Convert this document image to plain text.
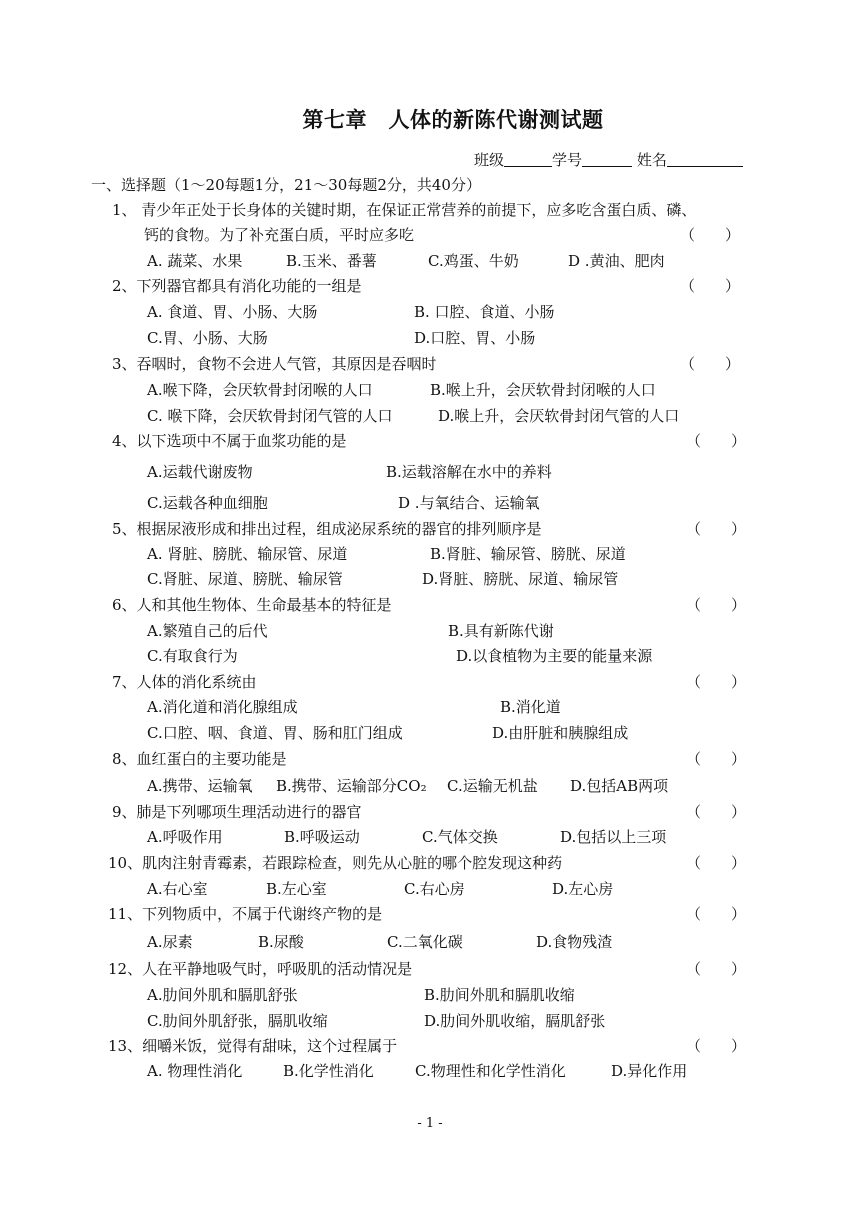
第七章　人体的新陈代谢测试题
班级	学号	姓名
一、选择题（1～20每题1分，21～30每题2分，共40分）
1、 青少年正处于长身体的关键时期，在保证正常营养的前提下，应多吃含蛋白质、磷、
钙的食物。为了补充蛋白质，平时应多吃	（　　）
A. 蔬菜、水果	B.玉米、番薯	C.鸡蛋、牛奶	D .黄油、肥肉
2、下列器官都具有消化功能的一组是	（　　）
A. 食道、胃、小肠、大肠	B. 口腔、食道、小肠
C.胃、小肠、大肠	D.口腔、胃、小肠
3、吞咽时，食物不会进人气管，其原因是吞咽时	（　　）
A.喉下降，会厌软骨封闭喉的人口	B.喉上升，会厌软骨封闭喉的人口
C. 喉下降，会厌软骨封闭气管的人口	D.喉上升，会厌软骨封闭气管的人口
4、以下选项中不属于血浆功能的是	（　　）
A.运载代谢废物	B.运载溶解在水中的养料
C.运载各种血细胞	D .与氧结合、运输氧
5、根据尿液形成和排出过程，组成泌尿系统的器官的排列顺序是	（　　）
A. 肾脏、膀胱、输尿管、尿道	B.肾脏、输尿管、膀胱、尿道
C.肾脏、尿道、膀胱、输尿管	D.肾脏、膀胱、尿道、输尿管
6、人和其他生物体、生命最基本的特征是	（　　）
A.繁殖自己的后代	B.具有新陈代谢
C.有取食行为	D.以食植物为主要的能量来源
7、人体的消化系统由	（　　）
A.消化道和消化腺组成	B.消化道
C.口腔、咽、食道、胃、肠和肛门组成	D.由肝脏和胰腺组成
8、血红蛋白的主要功能是	（　　）
A.携带、运输氧 B.携带、运输部分CO₂ C.运输无机盐 D.包括AB两项
9、肺是下列哪项生理活动进行的器官	（　　）
A.呼吸作用	B.呼吸运动	C.气体交换	D.包括以上三项
10、肌肉注射青霉素，若跟踪检查，则先从心脏的哪个腔发现这种药	（　　）
A.右心室	B.左心室	C.右心房	D.左心房
11、下列物质中，不属于代谢终产物的是	（　　）
A.尿素	B.尿酸	C.二氧化碳	D.食物残渣
12、人在平静地吸气时，呼吸肌的活动情况是	（　　）
A.肋间外肌和膈肌舒张	B.肋间外肌和膈肌收缩
C.肋间外肌舒张，膈肌收缩	D.肋间外肌收缩，膈肌舒张
13、细嚼米饭，觉得有甜味，这个过程属于	（　　）
A. 物理性消化	B.化学性消化	C.物理性和化学性消化	D.异化作用
- 1 -
